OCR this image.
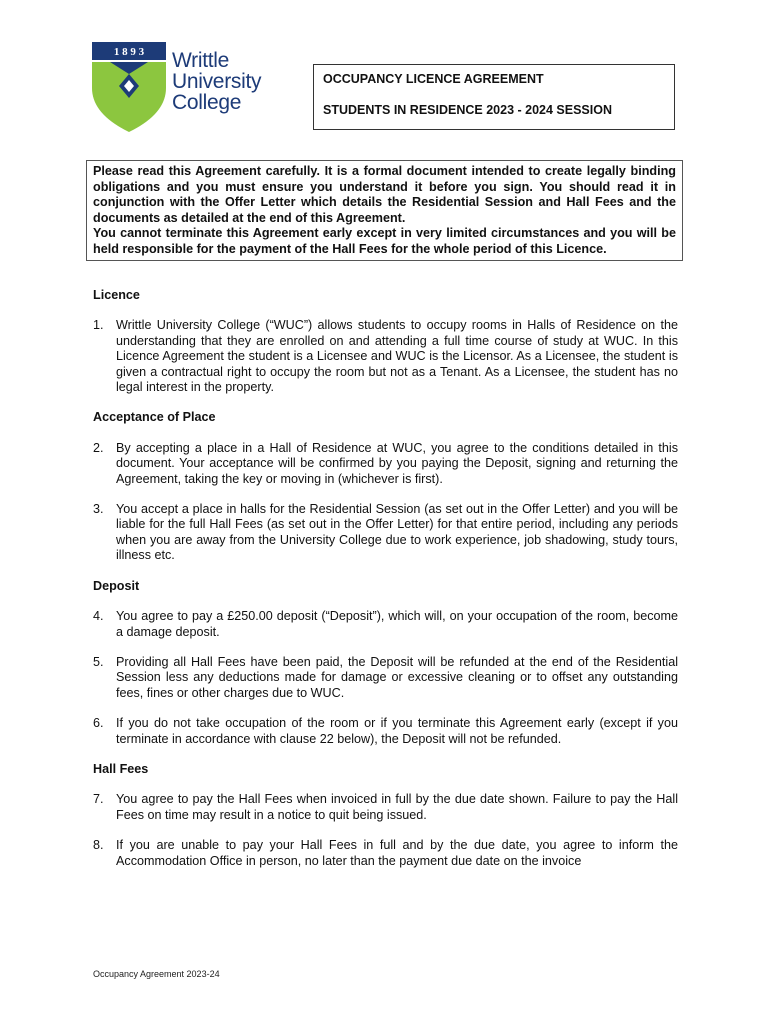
1 8 9 3 Writtle
University
College
OCCUPANCY LICENCE AGREEMENT
STUDENTS IN RESIDENCE 2023 - 2024 SESSION

Please read this Agreement carefully. It is a formal document intended to create legally binding obligations and you must ensure you understand it before you sign. You should read it in conjunction with the Offer Letter which details the Residential Session and Hall Fees and the documents as detailed at the end of this Agreement.

You cannot terminate this Agreement early except in very limited circumstances and you will be held responsible for the payment of the Hall Fees for the whole period of this Licence.

Licence
1. Writtle University College (“WUC”) allows students to occupy rooms in Halls of Residence on the understanding that they are enrolled on and attending a full time course of study at WUC. In this Licence Agreement the student is a Licensee and WUC is the Licensor. As a Licensee, the student is given a contractual right to occupy the room but not as a Tenant. As a Licensee, the student has no legal interest in the property.
Acceptance of Place
2. By accepting a place in a Hall of Residence at WUC, you agree to the conditions detailed in this document. Your acceptance will be confirmed by you paying the Deposit, signing and returning the Agreement, taking the key or moving in (whichever is first).
3. You accept a place in halls for the Residential Session (as set out in the Offer Letter) and you will be liable for the full Hall Fees (as set out in the Offer Letter) for that entire period, including any periods when you are away from the University College due to work experience, job shadowing, study tours, illness etc.
Deposit
4. You agree to pay a £250.00 deposit (“Deposit”), which will, on your occupation of the room, become a damage deposit.
5. Providing all Hall Fees have been paid, the Deposit will be refunded at the end of the Residential Session less any deductions made for damage or excessive cleaning or to offset any outstanding fees, fines or other charges due to WUC.
6. If you do not take occupation of the room or if you terminate this Agreement early (except if you terminate in accordance with clause 22 below), the Deposit will not be refunded.
Hall Fees
7. You agree to pay the Hall Fees when invoiced in full by the due date shown. Failure to pay the Hall Fees on time may result in a notice to quit being issued.
8. If you are unable to pay your Hall Fees in full and by the due date, you agree to inform the Accommodation Office in person, no later than the payment due date on the invoice
Occupancy Agreement 2023-24
